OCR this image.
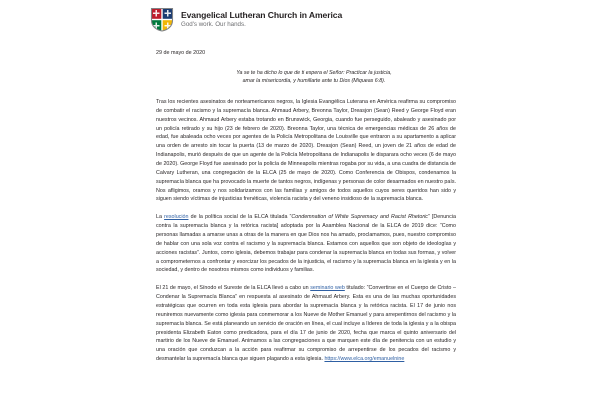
Evangelical Lutheran Church in America
God's work. Our hands.

29 de mayo de 2020

Ya se te ha dicho lo que de ti espera el Señor: Practicar la justicia,
amar la misericordia, y humillarte ante tu Dios (Miqueas 6:8).

Tras los recientes asesinatos de norteamericanos negros, la Iglesia Evangélica Luterana en América reafirma su compromiso de combatir el racismo y la supremacía blanca. Ahmaud Arbery, Breonna Taylor, Dreasjon (Sean) Reed y George Floyd eran nuestros vecinos. Ahmaud Arbery estaba trotando en Brunswick, Georgia, cuando fue perseguido, abaleado y asesinado por un policía retirado y su hijo (23 de febrero de 2020). Breonna Taylor, una técnica de emergencias médicas de 26 años de edad, fue abaleada ocho veces por agentes de la Policía Metropolitana de Louisville que entraron a su apartamento a aplicar una orden de arresto sin tocar la puerta (13 de marzo de 2020). Dreasjon (Sean) Reed, un joven de 21 años de edad de Indianapolis, murió después de que un agente de la Policía Metropolitana de Indianapolis le disparara ocho veces (6 de mayo de 2020). George Floyd fue asesinado por la policía de Minneapolis mientras rogaba por su vida, a una cuadra de distancia de Calvary Lutheran, una congregación de la ELCA (25 de mayo de 2020). Como Conferencia de Obispos, condenamos la supremacía blanca que ha provocado la muerte de tantos negros, indígenas y personas de color desarmados en nuestro país. Nos afligimos, oramos y nos solidarizamos con las familias y amigos de todos aquellos cuyos seres queridos han sido y siguen siendo víctimas de injusticias frenéticas, violencia racista y del veneno insidioso de la supremacía blanca.

La resolución de la política social de la ELCA titulada “Condemnation of White Supremacy and Racist Rhetoric” [Denuncia contra la supremacía blanca y la retórica racista] adoptada por la Asamblea Nacional de la ELCA de 2019 dice: “Como personas llamadas a amarse unas a otras de la manera en que Dios nos ha amado, proclamamos, pues, nuestro compromiso de hablar con una sola voz contra el racismo y la supremacía blanca. Estamos con aquellos que son objeto de ideologías y acciones racistas”. Juntos, como iglesia, debemos trabajar para condenar la supremacía blanca en todas sus formas, y volver a comprometernos a confrontar y exorcizar los pecados de la injusticia, el racismo y la supremacía blanca en la iglesia y en la sociedad, y dentro de nosotros mismos como individuos y familias.

El 21 de mayo, el Sínodo el Sureste de la ELCA llevó a cabo un seminario web titulado: “Convertirse en el Cuerpo de Cristo – Condenar la Supremacía Blanca” en respuesta al asesinato de Ahmaud Arbery. Esta es una de las muchas oportunidades estratégicas que ocurren en toda esta iglesia para abordar la supremacía blanca y la retórica racista. El 17 de junio nos reuniremos nuevamente como iglesia para conmemorar a los Nueve de Mother Emanuel y para arrepentirnos del racismo y la supremacía blanca. Se está planeando un servicio de oración en línea, el cual incluye a líderes de toda la iglesia y a la obispa presidenta Elizabeth Eaton como predicadora, para el día 17 de junio de 2020, fecha que marca el quinto aniversario del martirio de los Nueve de Emanuel. Animamos a las congregaciones a que marquen este día de penitencia con un estudio y una oración que conduzcan a la acción para reafirmar su compromiso de arrepentirse de los pecados del racismo y desmantelar la supremacía blanca que siguen plagando a esta iglesia. https://www.elca.org/emanuelnine
